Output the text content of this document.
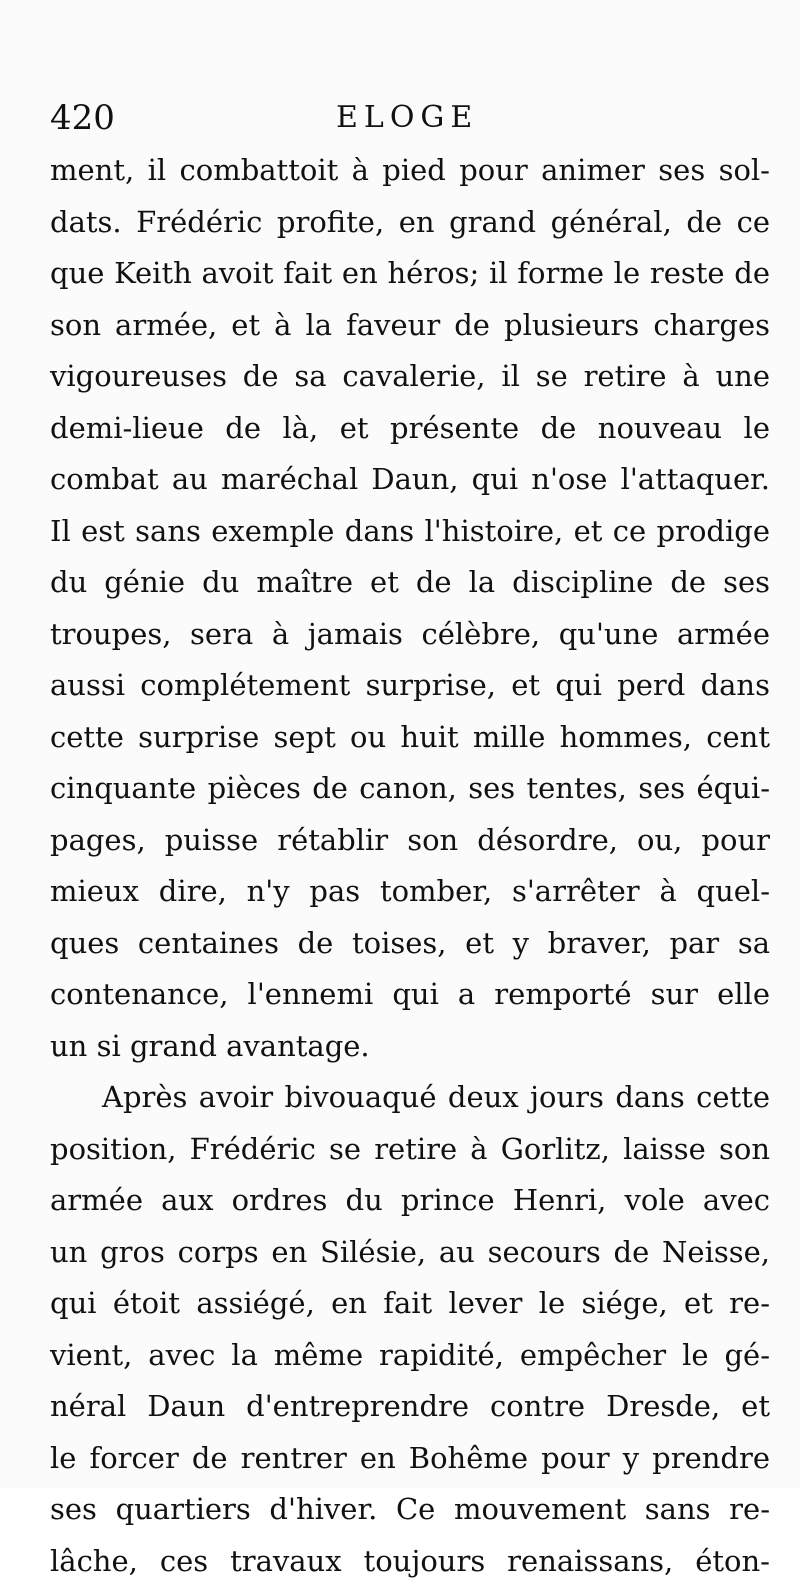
420	ELOGE
ment, il combattoit à pied pour animer ses sol-
dats. Frédéric profite, en grand général, de ce
que Keith avoit fait en héros; il forme le reste de
son armée, et à la faveur de plusieurs charges
vigoureuses de sa cavalerie, il se retire à une
demi-lieue de là, et présente de nouveau le
combat au maréchal Daun, qui n'ose l'attaquer.
Il est sans exemple dans l'histoire, et ce prodige
du génie du maître et de la discipline de ses
troupes, sera à jamais célèbre, qu'une armée
aussi complétement surprise, et qui perd dans
cette surprise sept ou huit mille hommes, cent
cinquante pièces de canon, ses tentes, ses équi-
pages, puisse rétablir son désordre, ou, pour
mieux dire, n'y pas tomber, s'arrêter à quel-
ques centaines de toises, et y braver, par sa
contenance, l'ennemi qui a remporté sur elle
un si grand avantage.
Après avoir bivouaqué deux jours dans cette
position, Frédéric se retire à Gorlitz, laisse son
armée aux ordres du prince Henri, vole avec
un gros corps en Silésie, au secours de Neisse,
qui étoit assiégé, en fait lever le siége, et re-
vient, avec la même rapidité, empêcher le gé-
néral Daun d'entreprendre contre Dresde, et
le forcer de rentrer en Bohême pour y prendre
ses quartiers d'hiver. Ce mouvement sans re-
lâche, ces travaux toujours renaissans, éton-
